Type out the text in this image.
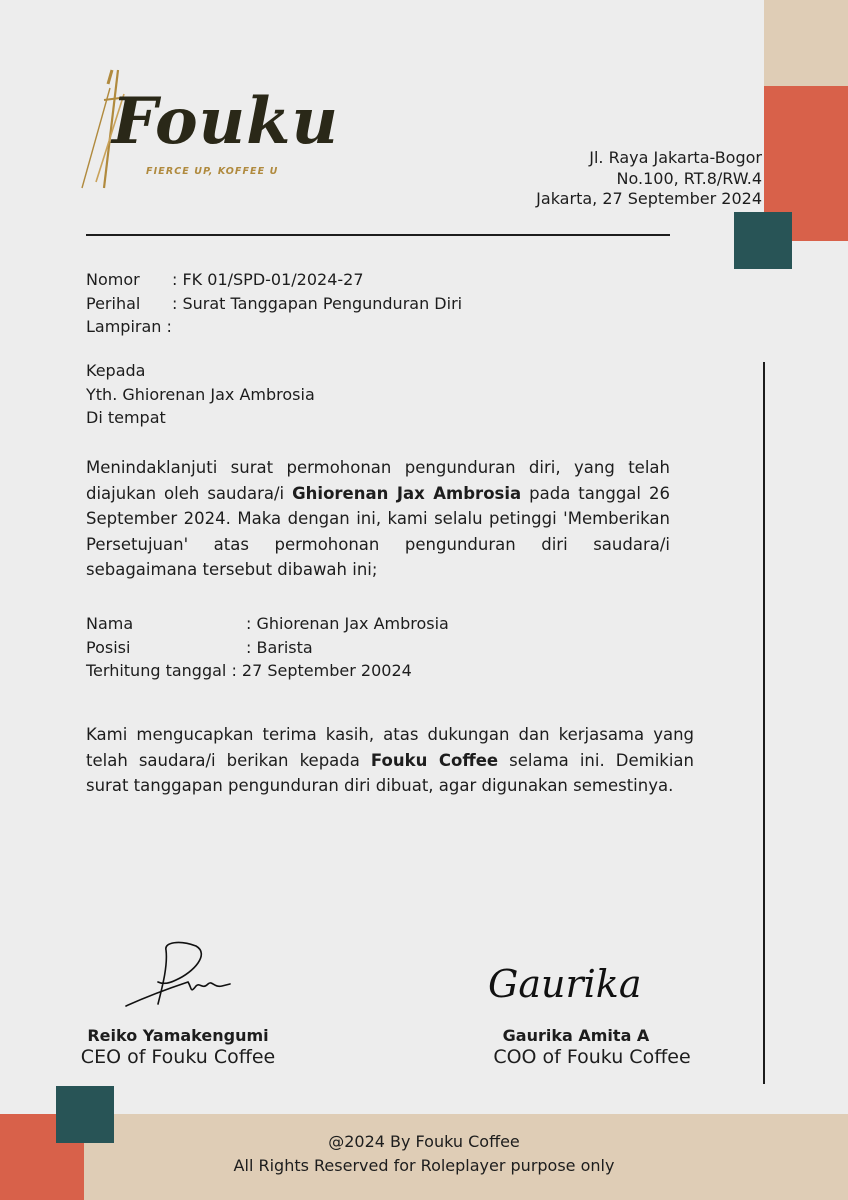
Fouku
FIERCE UP, KOFFEE U
Jl. Raya Jakarta-Bogor
No.100, RT.8/RW.4
Jakarta, 27 September 2024
Nomor : FK 01/SPD-01/2024-27
Perihal : Surat Tanggapan Pengunduran Diri
Lampiran :
Kepada
Yth. Ghiorenan Jax Ambrosia
Di tempat
Menindaklanjuti surat permohonan pengunduran diri, yang telah diajukan oleh saudara/i Ghiorenan Jax Ambrosia pada tanggal 26 September 2024. Maka dengan ini, kami selalu petinggi 'Memberikan Persetujuan' atas permohonan pengunduran diri saudara/i sebagaimana tersebut dibawah ini;
Nama	: Ghiorenan Jax Ambrosia
Posisi	: Barista
Terhitung tanggal : 27 September 20024
Kami mengucapkan terima kasih, atas dukungan dan kerjasama yang telah saudara/i berikan kepada Fouku Coffee selama ini. Demikian surat tanggapan pengunduran diri dibuat, agar digunakan semestinya.
Gaurika
Reiko Yamakengumi
CEO of Fouku Coffee
Gaurika Amita A
COO of Fouku Coffee
@2024 By Fouku Coffee
All Rights Reserved for Roleplayer purpose only
